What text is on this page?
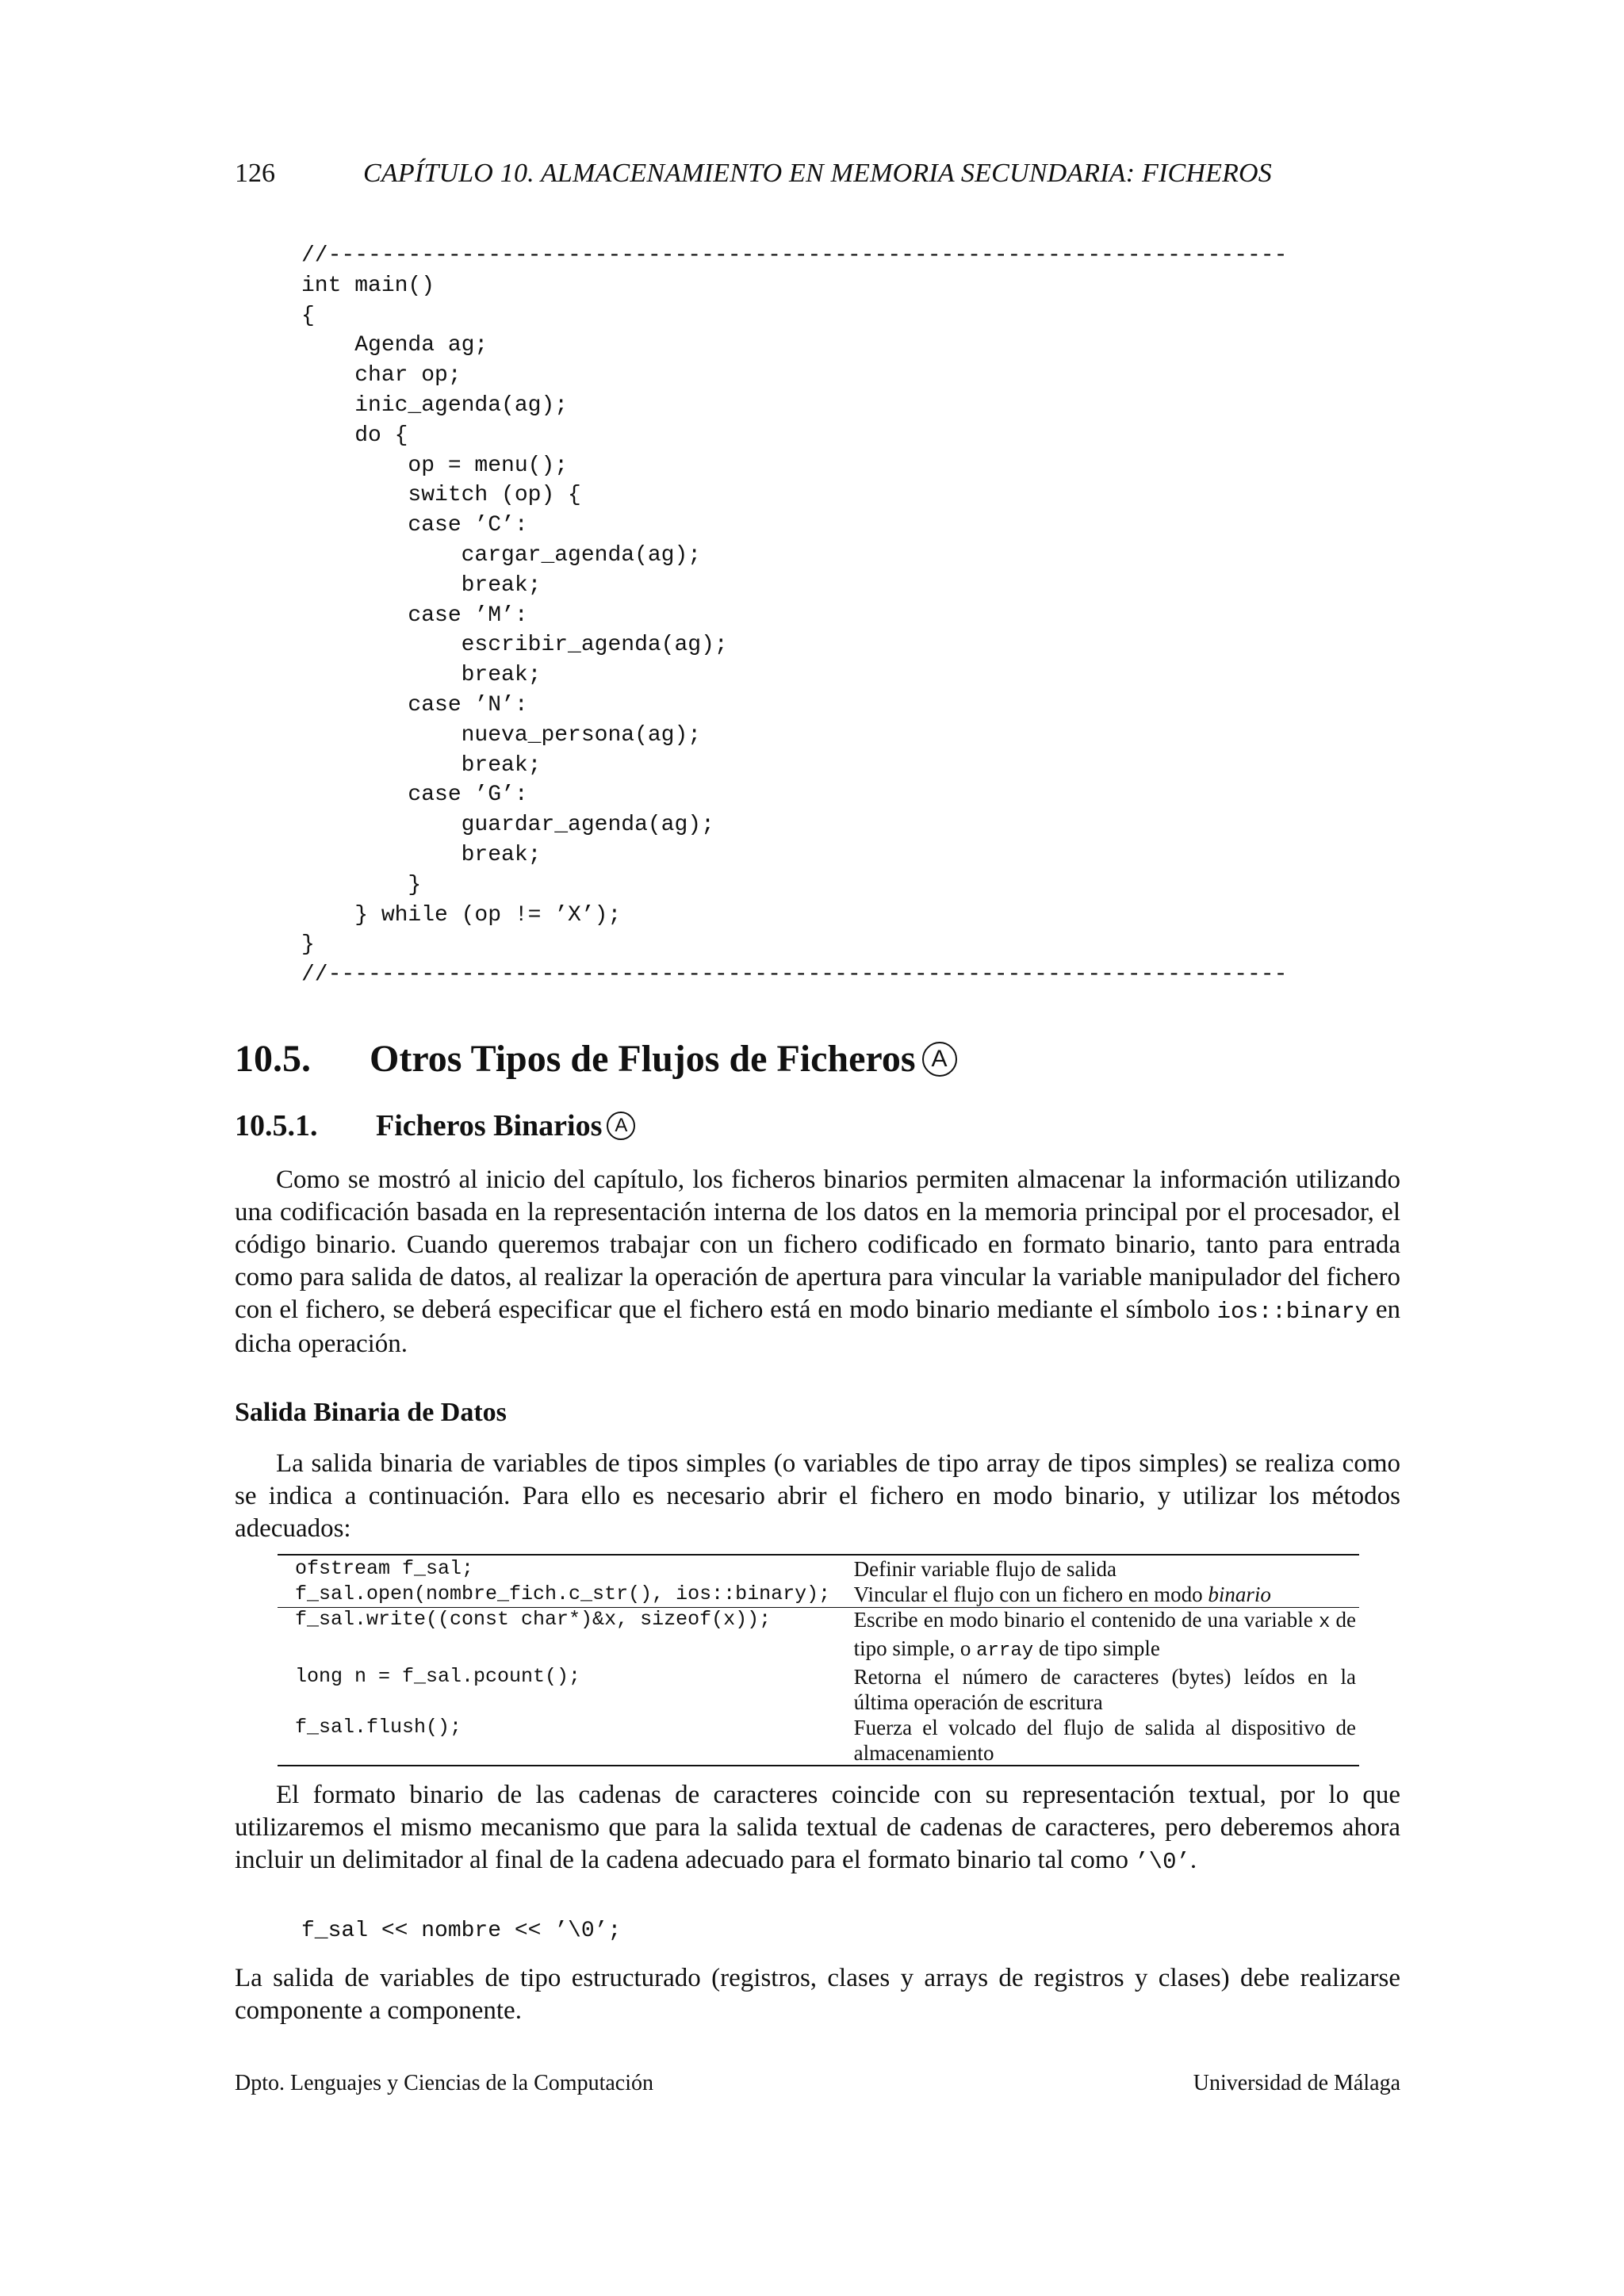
126	CAPÍTULO 10. ALMACENAMIENTO EN MEMORIA SECUNDARIA: FICHEROS
//------------------------------------------------------------------------
int main()
{
Agenda ag;
char op;
inic_agenda(ag);
do {
op = menu();
switch (op) {
case ’C’:
cargar_agenda(ag);
break;
case ’M’:
escribir_agenda(ag);
break;
case ’N’:
nueva_persona(ag);
break;
case ’G’:
guardar_agenda(ag);
break;
}
} while (op != ’X’);
}
//------------------------------------------------------------------------
10.5. Otros Tipos de Flujos de Ficheros A
10.5.1. Ficheros Binarios A

Como se mostró al inicio del capítulo, los ficheros binarios permiten almacenar la información utilizando una codificación basada en la representación interna de los datos en la memoria principal por el procesador, el código binario. Cuando queremos trabajar con un fichero codificado en formato binario, tanto para entrada como para salida de datos, al realizar la operación de apertura para vincular la variable manipulador del fichero con el fichero, se deberá especificar que el fichero está en modo binario mediante el símbolo ios::binary en dicha operación.

Salida Binaria de Datos

La salida binaria de variables de tipos simples (o variables de tipo array de tipos simples) se realiza como se indica a continuación. Para ello es necesario abrir el fichero en modo binario, y utilizar los métodos adecuados:

ofstream f_sal;	Definir variable flujo de salida
f_sal.open(nombre_fich.c_str(), ios::binary);	Vincular el flujo con un fichero en modo binario
f_sal.write((const char*)&x, sizeof(x));	Escribe en modo binario el contenido de una variable x de tipo simple, o array de tipo simple
long n = f_sal.pcount();	Retorna el número de caracteres (bytes) leídos en la última operación de escritura
f_sal.flush();	Fuerza el volcado del flujo de salida al dispositivo de almacenamiento

El formato binario de las cadenas de caracteres coincide con su representación textual, por lo que utilizaremos el mismo mecanismo que para la salida textual de cadenas de caracteres, pero deberemos ahora incluir un delimitador al final de la cadena adecuado para el formato binario tal como ’\0’.

f_sal << nombre << ’\0’;

La salida de variables de tipo estructurado (registros, clases y arrays de registros y clases) debe realizarse componente a componente.

Dpto. Lenguajes y Ciencias de la Computación	Universidad de Málaga
